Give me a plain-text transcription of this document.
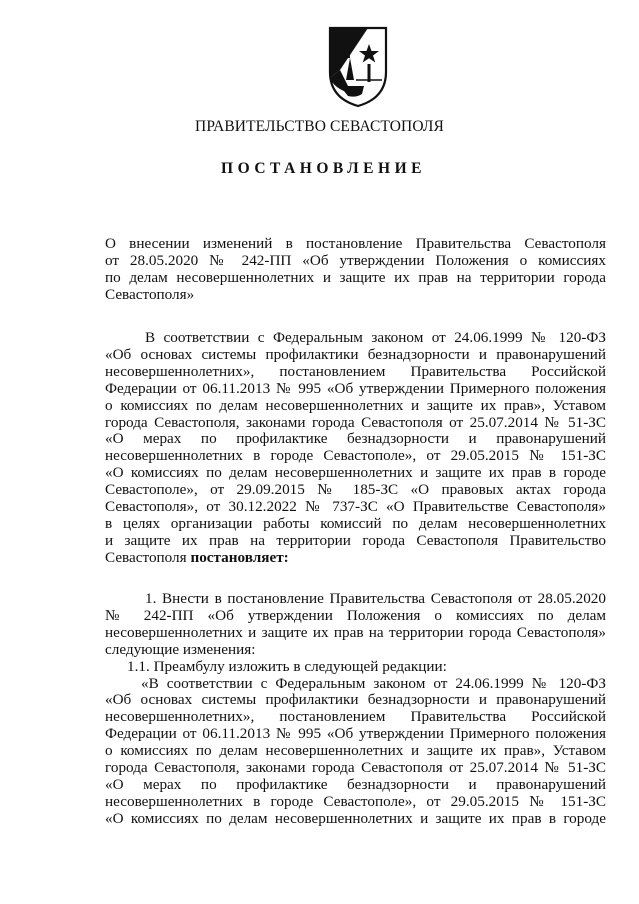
ПРАВИТЕЛЬСТВО СЕВАСТОПОЛЯ
ПОСТАНОВЛЕНИЕ

О внесении изменений в постановление Правительства Севастополя

от 28.05.2020 № 242-ПП «Об утверждении Положения о комиссиях

по делам несовершеннолетних и защите их прав на территории города

Севастополя»

В соответствии с Федеральным законом от 24.06.1999 № 120-ФЗ

«Об основах системы профилактики безнадзорности и правонарушений

несовершеннолетних», постановлением Правительства Российской

Федерации от 06.11.2013 № 995 «Об утверждении Примерного положения

о комиссиях по делам несовершеннолетних и защите их прав», Уставом

города Севастополя, законами города Севастополя от 25.07.2014 № 51-ЗС

«О мерах по профилактике безнадзорности и правонарушений

несовершеннолетних в городе Севастополе», от 29.05.2015 № 151-ЗС

«О комиссиях по делам несовершеннолетних и защите их прав в городе

Севастополе», от 29.09.2015 № 185-ЗС «О правовых актах города

Севастополя», от 30.12.2022 № 737-ЗС «О Правительстве Севастополя»

в целях организации работы комиссий по делам несовершеннолетних

и защите их прав на территории города Севастополя Правительство

Севастополя постановляет:

1. Внести в постановление Правительства Севастополя от 28.05.2020

№ 242-ПП «Об утверждении Положения о комиссиях по делам

несовершеннолетних и защите их прав на территории города Севастополя»

следующие изменения:

1.1. Преамбулу изложить в следующей редакции:

«В соответствии с Федеральным законом от 24.06.1999 № 120-ФЗ

«Об основах системы профилактики безнадзорности и правонарушений

несовершеннолетних», постановлением Правительства Российской

Федерации от 06.11.2013 № 995 «Об утверждении Примерного положения

о комиссиях по делам несовершеннолетних и защите их прав», Уставом

города Севастополя, законами города Севастополя от 25.07.2014 № 51-ЗС

«О мерах по профилактике безнадзорности и правонарушений

несовершеннолетних в городе Севастополе», от 29.05.2015 № 151-ЗС

«О комиссиях по делам несовершеннолетних и защите их прав в городе
